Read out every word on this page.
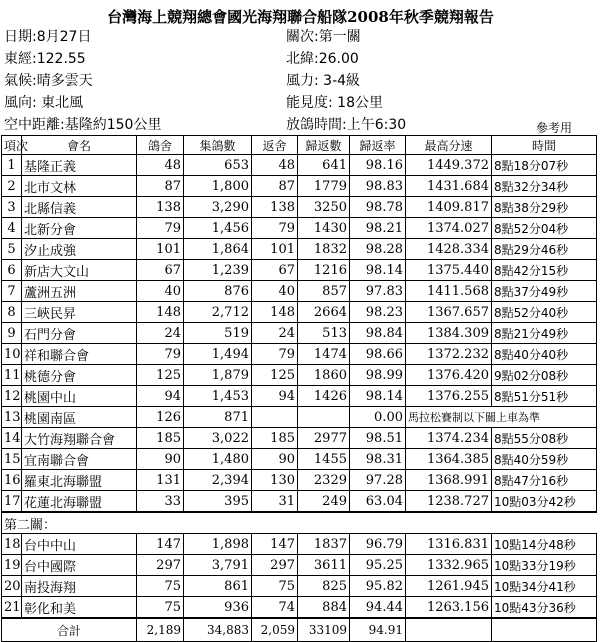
台灣海上競翔總會國光海翔聯合船隊2008年秋季競翔報告
日期:8月27日	關次:第一關
東經:122.55	北緯:26.00
氣候:晴多雲天	風力: 3-4級
風向: 東北風	能見度: 18公里
空中距離:基隆約150公里	放鴿時間:上午6:30	參考用
項次	會名	鴿舍	集鴿數	返舍	歸返數	歸返率	最高分速	時間
1	基隆正義	48	653	48	641	98.16	1449.372	8點18分07秒
2	北市文林	87	1,800	87	1779	98.83	1431.684	8點32分34秒
3	北縣信義	138	3,290	138	3250	98.78	1409.817	8點38分29秒
4	北新分會	79	1,456	79	1430	98.21	1374.027	8點52分04秒
5	汐止成強	101	1,864	101	1832	98.28	1428.334	8點29分46秒
6	新店大文山	67	1,239	67	1216	98.14	1375.440	8點42分15秒
7	蘆洲五洲	40	876	40	857	97.83	1411.568	8點37分49秒
8	三峽民昇	148	2,712	148	2664	98.23	1367.657	8點52分40秒
9	石門分會	24	519	24	513	98.84	1384.309	8點21分49秒
10	祥和聯合會	79	1,494	79	1474	98.66	1372.232	8點40分40秒
11	桃德分會	125	1,879	125	1860	98.99	1376.420	9點02分08秒
12	桃園中山	94	1,453	94	1426	98.14	1376.255	8點51分51秒
13	桃園南區	126	871			0.00	馬拉松賽制以下關上車為準	
14	大竹海翔聯合會	185	3,022	185	2977	98.51	1374.234	8點55分08秒
15	宜南聯合會	90	1,480	90	1455	98.31	1364.385	8點40分59秒
16	羅東北海聯盟	131	2,394	130	2329	97.28	1368.991	8點47分16秒
17	花蓮北海聯盟	33	395	31	249	63.04	1238.727	10點03分42秒
第二關：								
18	台中中山	147	1,898	147	1837	96.79	1316.831	10點14分48秒
19	台中國際	297	3,791	297	3611	95.25	1332.965	10點33分19秒
20	南投海翔	75	861	75	825	95.82	1261.945	10點34分41秒
21	彰化和美	75	936	74	884	94.44	1263.156	10點43分36秒
合計		2,189	34,883	2,059	33109	94.91		
